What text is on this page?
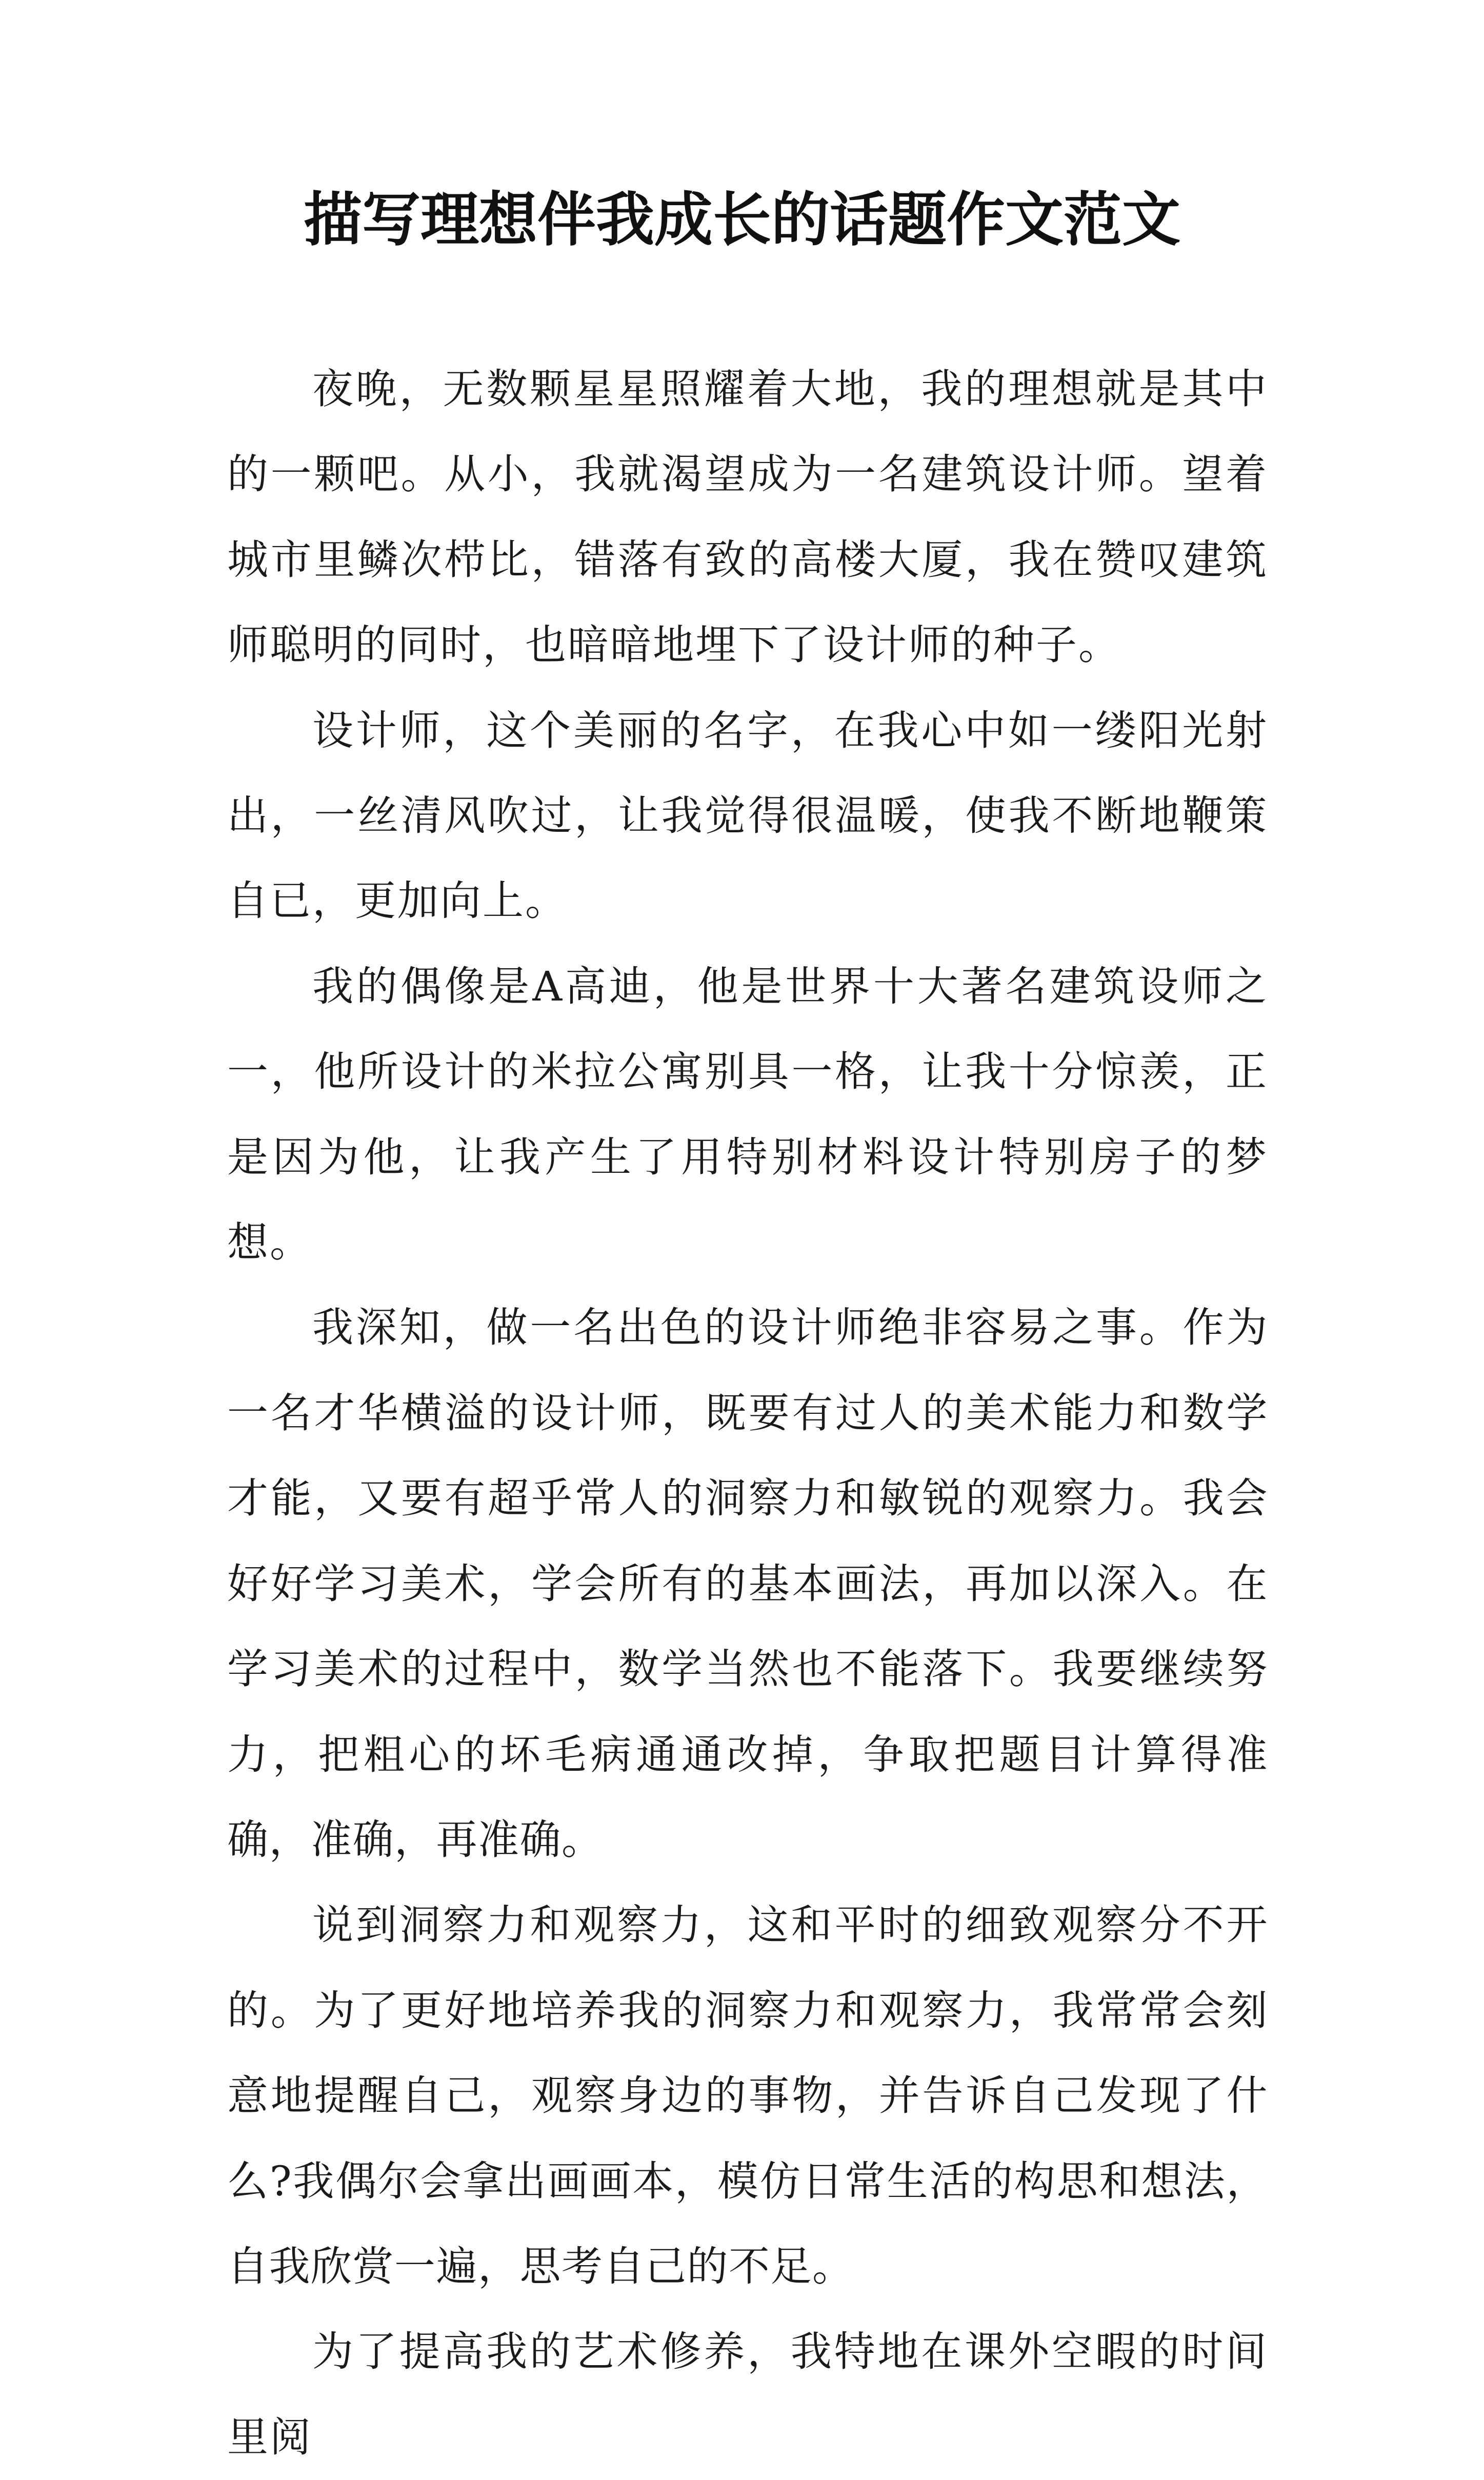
描写理想伴我成长的话题作文范文

夜晚，无数颗星星照耀着大地，我的理想就是其中的一颗吧。从小，我就渴望成为一名建筑设计师。望着城市里鳞次栉比，错落有致的高楼大厦，我在赞叹建筑师聪明的同时，也暗暗地埋下了设计师的种子。

设计师，这个美丽的名字，在我心中如一缕阳光射出，一丝清风吹过，让我觉得很温暖，使我不断地鞭策自已，更加向上。

我的偶像是A高迪，他是世界十大著名建筑设师之一，他所设计的米拉公寓别具一格，让我十分惊羡，正是因为他，让我产生了用特别材料设计特别房子的梦想。

我深知，做一名出色的设计师绝非容易之事。作为一名才华横溢的设计师，既要有过人的美术能力和数学才能，又要有超乎常人的洞察力和敏锐的观察力。我会好好学习美术，学会所有的基本画法，再加以深入。在学习美术的过程中，数学当然也不能落下。我要继续努力，把粗心的坏毛病通通改掉，争取把题目计算得准确，准确，再准确。

说到洞察力和观察力，这和平时的细致观察分不开的。为了更好地培养我的洞察力和观察力，我常常会刻意地提醒自己，观察身边的事物，并告诉自己发现了什么?我偶尔会拿出画画本，模仿日常生活的构思和想法，自我欣赏一遍，思考自己的不足。

为了提高我的艺术修养，我特地在课外空暇的时间里阅
